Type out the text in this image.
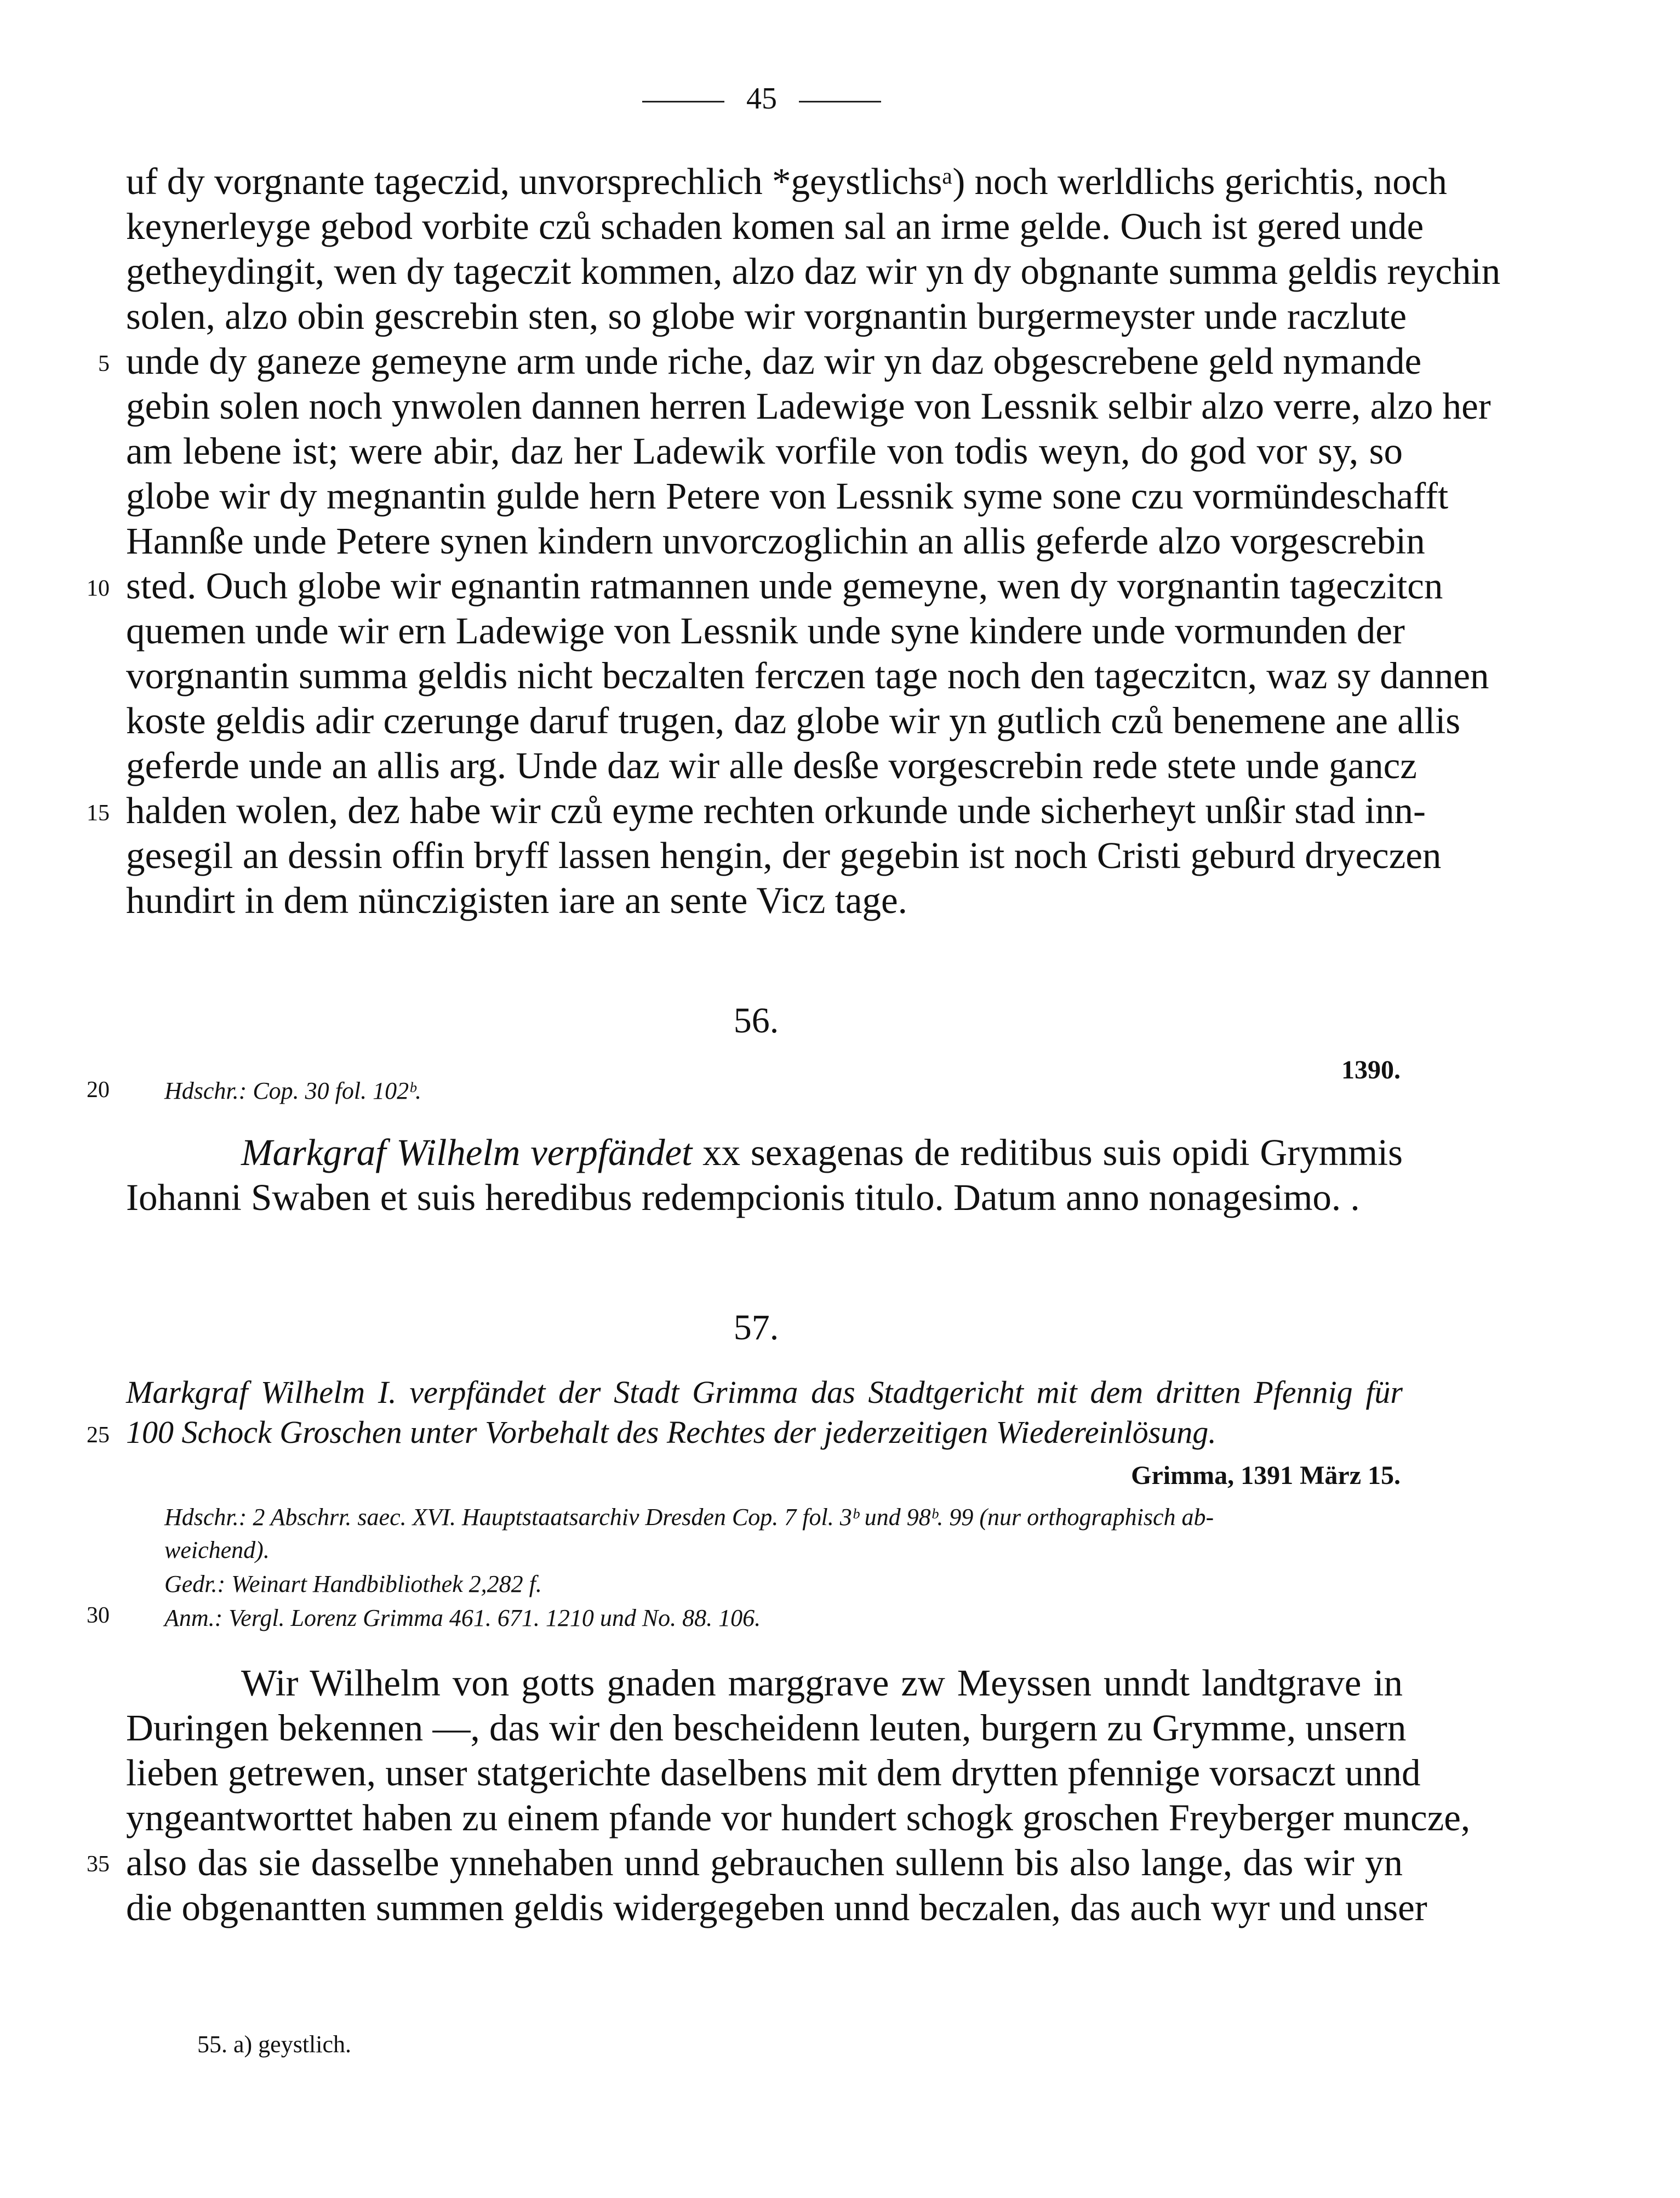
45
uf dy vorgnante tageczid, unvorsprechlich *geystlichsᵃ) noch werldlichs gerichtis, noch
keynerleyge gebod vorbite czů schaden komen sal an irme gelde. Ouch ist gered unde
getheydingit, wen dy tageczit kommen, alzo daz wir yn dy obgnante summa geldis reychin
solen, alzo obin gescrebin sten, so globe wir vorgnantin burgermeyster unde raczlute
unde dy ganeze gemeyne arm unde riche, daz wir yn daz obgescrebene geld nymande
gebin solen noch ynwolen dannen herren Ladewige von Lessnik selbir alzo verre, alzo her
am lebene ist; were abir, daz her Ladewik vorfile von todis weyn, do god vor sy, so
globe wir dy megnantin gulde hern Petere von Lessnik syme sone czu vormündeschafft
Hannße unde Petere synen kindern unvorczoglichin an allis geferde alzo vorgescrebin
sted. Ouch globe wir egnantin ratmannen unde gemeyne, wen dy vorgnantin tageczitcn
quemen unde wir ern Ladewige von Lessnik unde syne kindere unde vormunden der
vorgnantin summa geldis nicht beczalten ferczen tage noch den tageczitcn, waz sy dannen
koste geldis adir czerunge daruf trugen, daz globe wir yn gutlich czů benemene ane allis
geferde unde an allis arg. Unde daz wir alle desße vorgescrebin rede stete unde gancz
halden wolen, dez habe wir czů eyme rechten orkunde unde sicherheyt unßir stad inn-
gesegil an dessin offin bryff lassen hengin, der gegebin ist noch Cristi geburd dryeczen
hundirt in dem nünczigisten iare an sente Vicz tage.
5
10
15
56.
1390.
20 Hdschr.: Cop. 30 fol. 102ᵇ.
Markgraf Wilhelm verpfändet xx sexagenas de reditibus suis opidi Grymmis
Iohanni Swaben et suis heredibus redempcionis titulo. Datum anno nonagesimo. .
57.
Markgraf Wilhelm I. verpfändet der Stadt Grimma das Stadtgericht mit dem dritten Pfennig für
100 Schock Groschen unter Vorbehalt des Rechtes der jederzeitigen Wiedereinlösung.
25
Grimma, 1391 März 15.
Hdschr.: 2 Abschrr. saec. XVI. Hauptstaatsarchiv Dresden Cop. 7 fol. 3ᵇ und 98ᵇ. 99 (nur orthographisch ab-
weichend).
Gedr.: Weinart Handbibliothek 2,282 f.
Anm.: Vergl. Lorenz Grimma 461. 671. 1210 und No. 88. 106.
30
Wir Wilhelm von gotts gnaden marggrave zw Meyssen unndt landtgrave in
Duringen bekennen —, das wir den bescheidenn leuten, burgern zu Grymme, unsern
lieben getrewen, unser statgerichte daselbens mit dem drytten pfennige vorsaczt unnd
yngeantworttet haben zu einem pfande vor hundert schogk groschen Freyberger muncze,
also das sie dasselbe ynnehaben unnd gebrauchen sullenn bis also lange, das wir yn
die obgenantten summen geldis widergegeben unnd beczalen, das auch wyr und unser
35
55. a) geystlich.
